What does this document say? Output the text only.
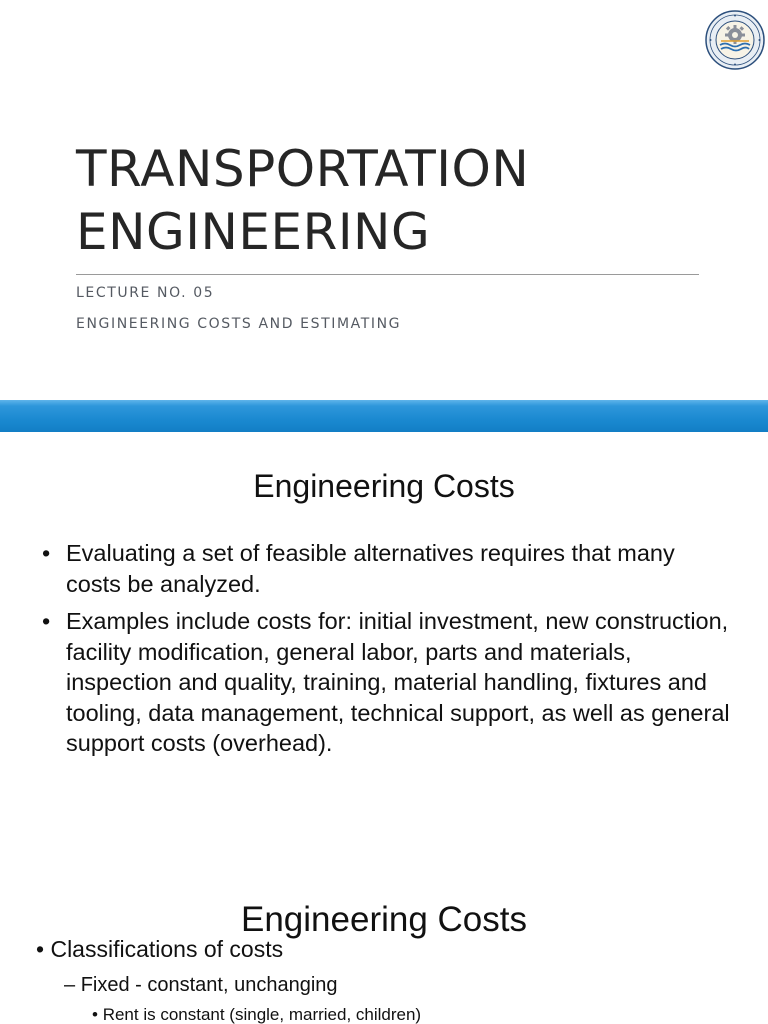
TRANSPORTATION
ENGINEERING

LECTURE NO. 05

ENGINEERING COSTS AND ESTIMATING

Engineering Costs
• Evaluating a set of feasible alternatives requires that many costs be analyzed.
• Examples include costs for: initial investment, new construction, facility modification, general labor, parts and materials, inspection and quality, training, material handling, fixtures and tooling, data management, technical support, as well as general support costs (overhead).
Engineering Costs
• Classifications of costs
– Fixed - constant, unchanging
• Rent is constant (single, married, children)
